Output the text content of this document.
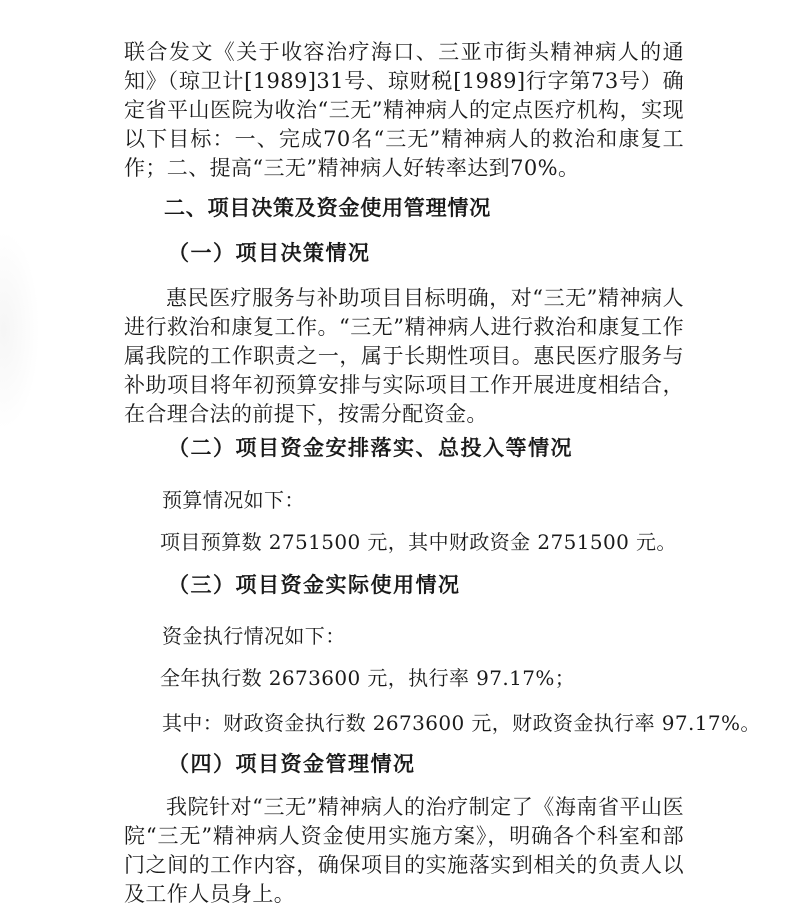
联合发文《关于收容治疗海口、三亚市街头精神病人的通知》（琼卫计[1989]31号、琼财税[1989]行字第73号）确定省平山医院为收治“三无”精神病人的定点医疗机构，实现以下目标：一、完成70名“三无”精神病人的救治和康复工作；二、提高“三无”精神病人好转率达到70%。

二、项目决策及资金使用管理情况
（一）项目决策情况

惠民医疗服务与补助项目目标明确，对“三无”精神病人进行救治和康复工作。“三无”精神病人进行救治和康复工作属我院的工作职责之一，属于长期性项目。惠民医疗服务与补助项目将年初预算安排与实际项目工作开展进度相结合，在合理合法的前提下，按需分配资金。

（二）项目资金安排落实、总投入等情况

预算情况如下：

项目预算数 2751500 元，其中财政资金 2751500 元。

（三）项目资金实际使用情况

资金执行情况如下：

全年执行数 2673600 元，执行率 97.17%；

其中：财政资金执行数 2673600 元，财政资金执行率 97.17%。

（四）项目资金管理情况

我院针对“三无”精神病人的治疗制定了《海南省平山医院“三无”精神病人资金使用实施方案》，明确各个科室和部门之间的工作内容，确保项目的实施落实到相关的负责人以及工作人员身上。
